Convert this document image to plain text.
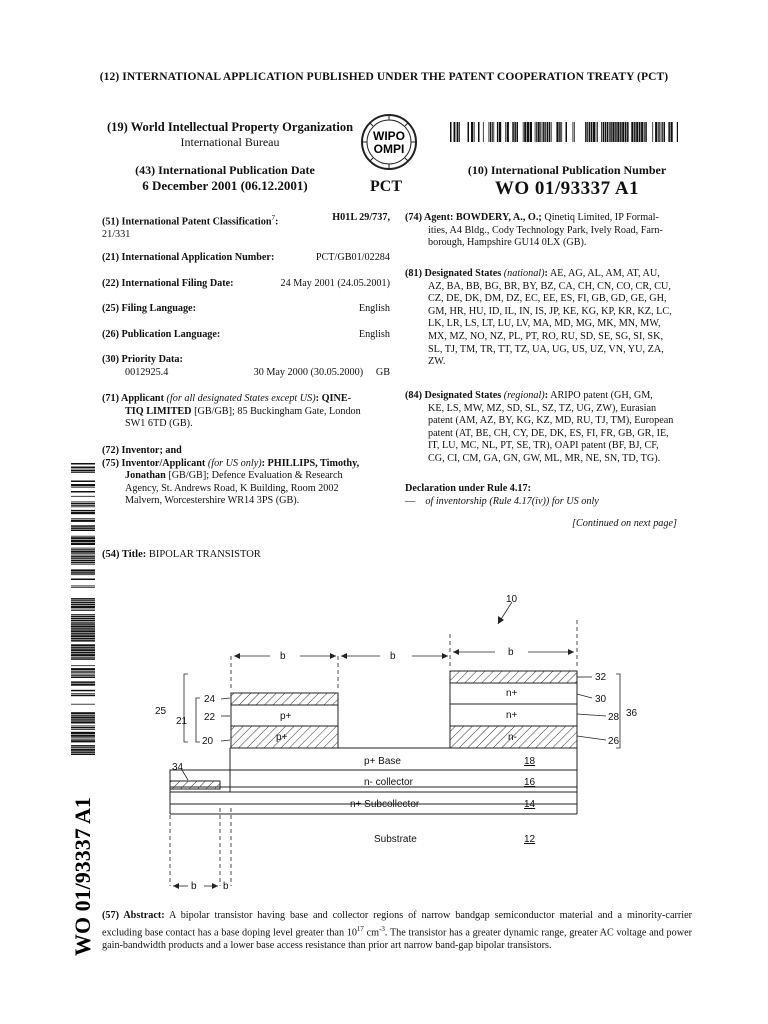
(12) INTERNATIONAL APPLICATION PUBLISHED UNDER THE PATENT COOPERATION TREATY (PCT)
(19) World Intellectual Property Organization
International Bureau	WIPO
OMPI
(43) International Publication Date
6 December 2001 (06.12.2001)	PCT
(10) International Publication Number
WO 01/93337 A1

(51) International Patent Classification$^7$:	H01L 29/737,

21/331

(21) International Application Number:	PCT/GB01/02284

(22) International Filing Date:	24 May 2001 (24.05.2001)

(25) Filing Language:	English

(26) Publication Language:	English

(30) Priority Data:

0012925.4	30 May 2000 (30.05.2000) GB

(71) Applicant (for all designated States except US): QINE-

TIQ LIMITED [GB/GB]; 85 Buckingham Gate, London

SW1 6TD (GB).

(72) Inventor; and

(75) Inventor/Applicant (for US only): PHILLIPS, Timothy,

Jonathan [GB/GB]; Defence Evaluation & Research

Agency, St. Andrews Road, K Building, Room 2002

Malvern, Worcestershire WR14 3PS (GB).

(74) Agent: BOWDERY, A., O.; Qinetiq Limited, IP Formal-

ities, A4 Bldg., Cody Technology Park, Ively Road, Farn-

borough, Hampshire GU14 0LX (GB).

(81) Designated States (national): AE, AG, AL, AM, AT, AU,

AZ, BA, BB, BG, BR, BY, BZ, CA, CH, CN, CO, CR, CU,

CZ, DE, DK, DM, DZ, EC, EE, ES, FI, GB, GD, GE, GH,

GM, HR, HU, ID, IL, IN, IS, JP, KE, KG, KP, KR, KZ, LC,

LK, LR, LS, LT, LU, LV, MA, MD, MG, MK, MN, MW,

MX, MZ, NO, NZ, PL, PT, RO, RU, SD, SE, SG, SI, SK,

SL, TJ, TM, TR, TT, TZ, UA, UG, US, UZ, VN, YU, ZA,

ZW.

(84) Designated States (regional): ARIPO patent (GH, GM,

KE, LS, MW, MZ, SD, SL, SZ, TZ, UG, ZW), Eurasian

patent (AM, AZ, BY, KG, KZ, MD, RU, TJ, TM), European

patent (AT, BE, CH, CY, DE, DK, ES, FI, FR, GB, GR, IE,

IT, LU, MC, NL, PT, SE, TR), OAPI patent (BF, BJ, CF,

CG, CI, CM, GA, GN, GW, ML, MR, NE, SN, TD, TG).

Declaration under Rule 4.17:

— of inventorship (Rule 4.17(iv)) for US only

[Continued on next page]
WO 01/93337 A1
(54) Title: BIPOLAR TRANSISTOR
10
b	b	b
b	b
p+
p+
n+
n+
n-
p+ Base
n- collector
n+ Subcollector
Substrate
18
16
14
12
24
22
20
21
25
34
32
30
28
26
36
(57) Abstract: A bipolar transistor having base and collector regions of narrow bandgap semiconductor material and a minority-carrier excluding base contact has a base doping level greater than $10^{17}$ $cm^{-3}$. The transistor has a greater dynamic range, greater AC voltage and power gain-bandwidth products and a lower base access resistance than prior art narrow band-gap bipolar transistors.
